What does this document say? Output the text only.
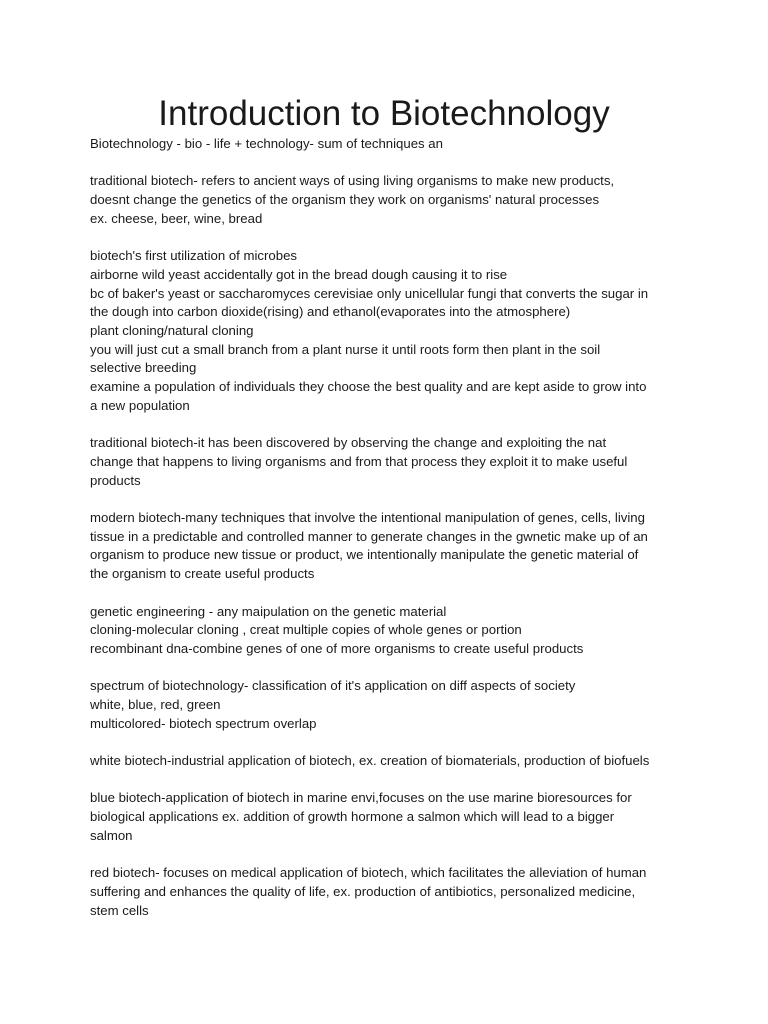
Introduction to Biotechnology
Biotechnology - bio - life + technology- sum of techniques an
traditional biotech- refers to ancient ways of using living organisms to make new products,
doesnt change the genetics of the organism they work on organisms' natural processes
ex. cheese, beer, wine, bread
biotech's first utilization of microbes
airborne wild yeast accidentally got in the bread dough causing it to rise
bc of baker's yeast or saccharomyces cerevisiae only unicellular fungi that converts the sugar in
the dough into carbon dioxide(rising) and ethanol(evaporates into the atmosphere)
plant cloning/natural cloning
you will just cut a small branch from a plant nurse it until roots form then plant in the soil
selective breeding
examine a population of individuals they choose the best quality and are kept aside to grow into
a new population
traditional biotech-it has been discovered by observing the change and exploiting the nat
change that happens to living organisms and from that process they exploit it to make useful
products
modern biotech-many techniques that involve the intentional manipulation of genes, cells, living
tissue in a predictable and controlled manner to generate changes in the gwnetic make up of an
organism to produce new tissue or product, we intentionally manipulate the genetic material of
the organism to create useful products
genetic engineering - any maipulation on the genetic material
cloning-molecular cloning , creat multiple copies of whole genes or portion
recombinant dna-combine genes of one of more organisms to create useful products
spectrum of biotechnology- classification of it's application on diff aspects of society
white, blue, red, green
multicolored- biotech spectrum overlap
white biotech-industrial application of biotech, ex. creation of biomaterials, production of biofuels
blue biotech-application of biotech in marine envi,focuses on the use marine bioresources for
biological applications ex. addition of growth hormone a salmon which will lead to a bigger
salmon
red biotech- focuses on medical application of biotech, which facilitates the alleviation of human
suffering and enhances the quality of life, ex. production of antibiotics, personalized medicine,
stem cells
